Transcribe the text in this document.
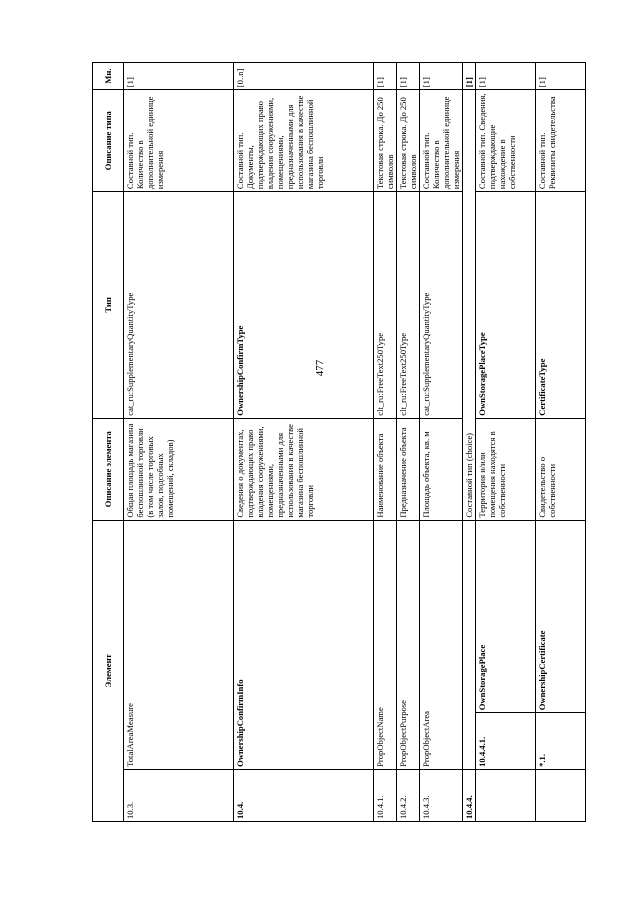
477
Элемент			Описание элемента	Тип	Описание типа	Мн.
10.3.	TotalAreaMeasure		Общая площадь магазина беспошлинной торговли (в том числе торговых залов, подсобных помещений, складов)	cat_ru:SupplementaryQuantityType	Составной тип. Количество в дополнительной единице измерения	[1]
10.4.	OwnershipConfirmInfo		Сведения о документах, подтверждающих право владения сооружениями, помещениями, предназначенными для использования в качестве магазина беспошлинной торговли	OwnershipConfirmType	Составной тип. Документы, подтверждающих право владения сооружениями, помещениями, предназначенными для использования в качестве магазина беспошлинной торговли	[0..n]
10.4.1.	PropObjectName		Наименование объекта	clt_ru:FreeText250Type	Текстовая строка. До 250 символов	[1]
10.4.2.	PropObjectPurpose		Предназначение объекта	clt_ru:FreeText250Type	Текстовая строка. До 250 символов	[1]
10.4.3.	PropObjectArea		Площадь объекта, кв. м	cat_ru:SupplementaryQuantityType	Составной тип. Количество в дополнительной единице измерения	[1]
10.4.4.			Составной тип (choice)			[1]
	10.4.4.1.	OwnStoragePlace	Территория и/или помещения находятся в собственности	OwnStoragePlaceType	Составной тип. Сведения, подтверждающие нахождение в собственности	[1]
	*.1.	OwnershipCertificate	Свидетельство о собственности	CertificateType	Составной тип. Реквизиты свидетельства	[1]
